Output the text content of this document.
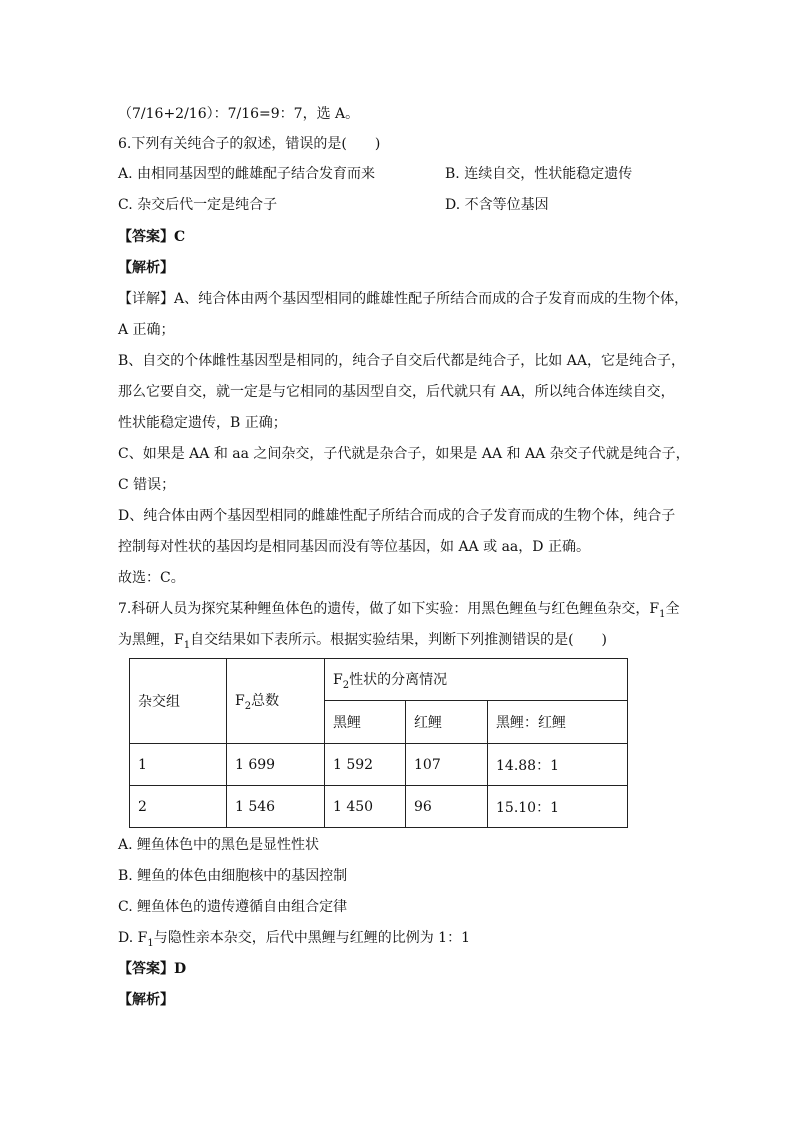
（7/16+2/16）：7/16=9：7，选 A。
6.下列有关纯合子的叙述，错误的是(　　)
A. 由相同基因型的雌雄配子结合发育而来	B. 连续自交，性状能稳定遗传
C. 杂交后代一定是纯合子	D. 不含等位基因
【答案】C
【解析】
【详解】A、纯合体由两个基因型相同的雌雄性配子所结合而成的合子发育而成的生物个体，
A 正确；
B、自交的个体雌性基因型是相同的，纯合子自交后代都是纯合子，比如 AA，它是纯合子，
那么它要自交，就一定是与它相同的基因型自交，后代就只有 AA，所以纯合体连续自交，
性状能稳定遗传，B 正确；
C、如果是 AA 和 aa 之间杂交，子代就是杂合子，如果是 AA 和 AA 杂交子代就是纯合子，
C 错误；
D、纯合体由两个基因型相同的雌雄性配子所结合而成的合子发育而成的生物个体，纯合子
控制每对性状的基因均是相同基因而没有等位基因，如 AA 或 aa，D 正确。
故选：C。
7.科研人员为探究某种鲤鱼体色的遗传，做了如下实验：用黑色鲤鱼与红色鲤鱼杂交，$F_1$全
为黑鲤，$F_1$自交结果如下表所示。根据实验结果，判断下列推测错误的是(　　)
杂交组	$F_2$总数	$F_2$性状的分离情况		
		黑鲤	红鲤	黑鲤：红鲤
1	1 699	1 592	107	14.88：1
2	1 546	1 450	96	15.10：1
A. 鲤鱼体色中的黑色是显性性状
B. 鲤鱼的体色由细胞核中的基因控制
C. 鲤鱼体色的遗传遵循自由组合定律
D. $F_1$与隐性亲本杂交，后代中黑鲤与红鲤的比例为 1：1
【答案】D
【解析】
